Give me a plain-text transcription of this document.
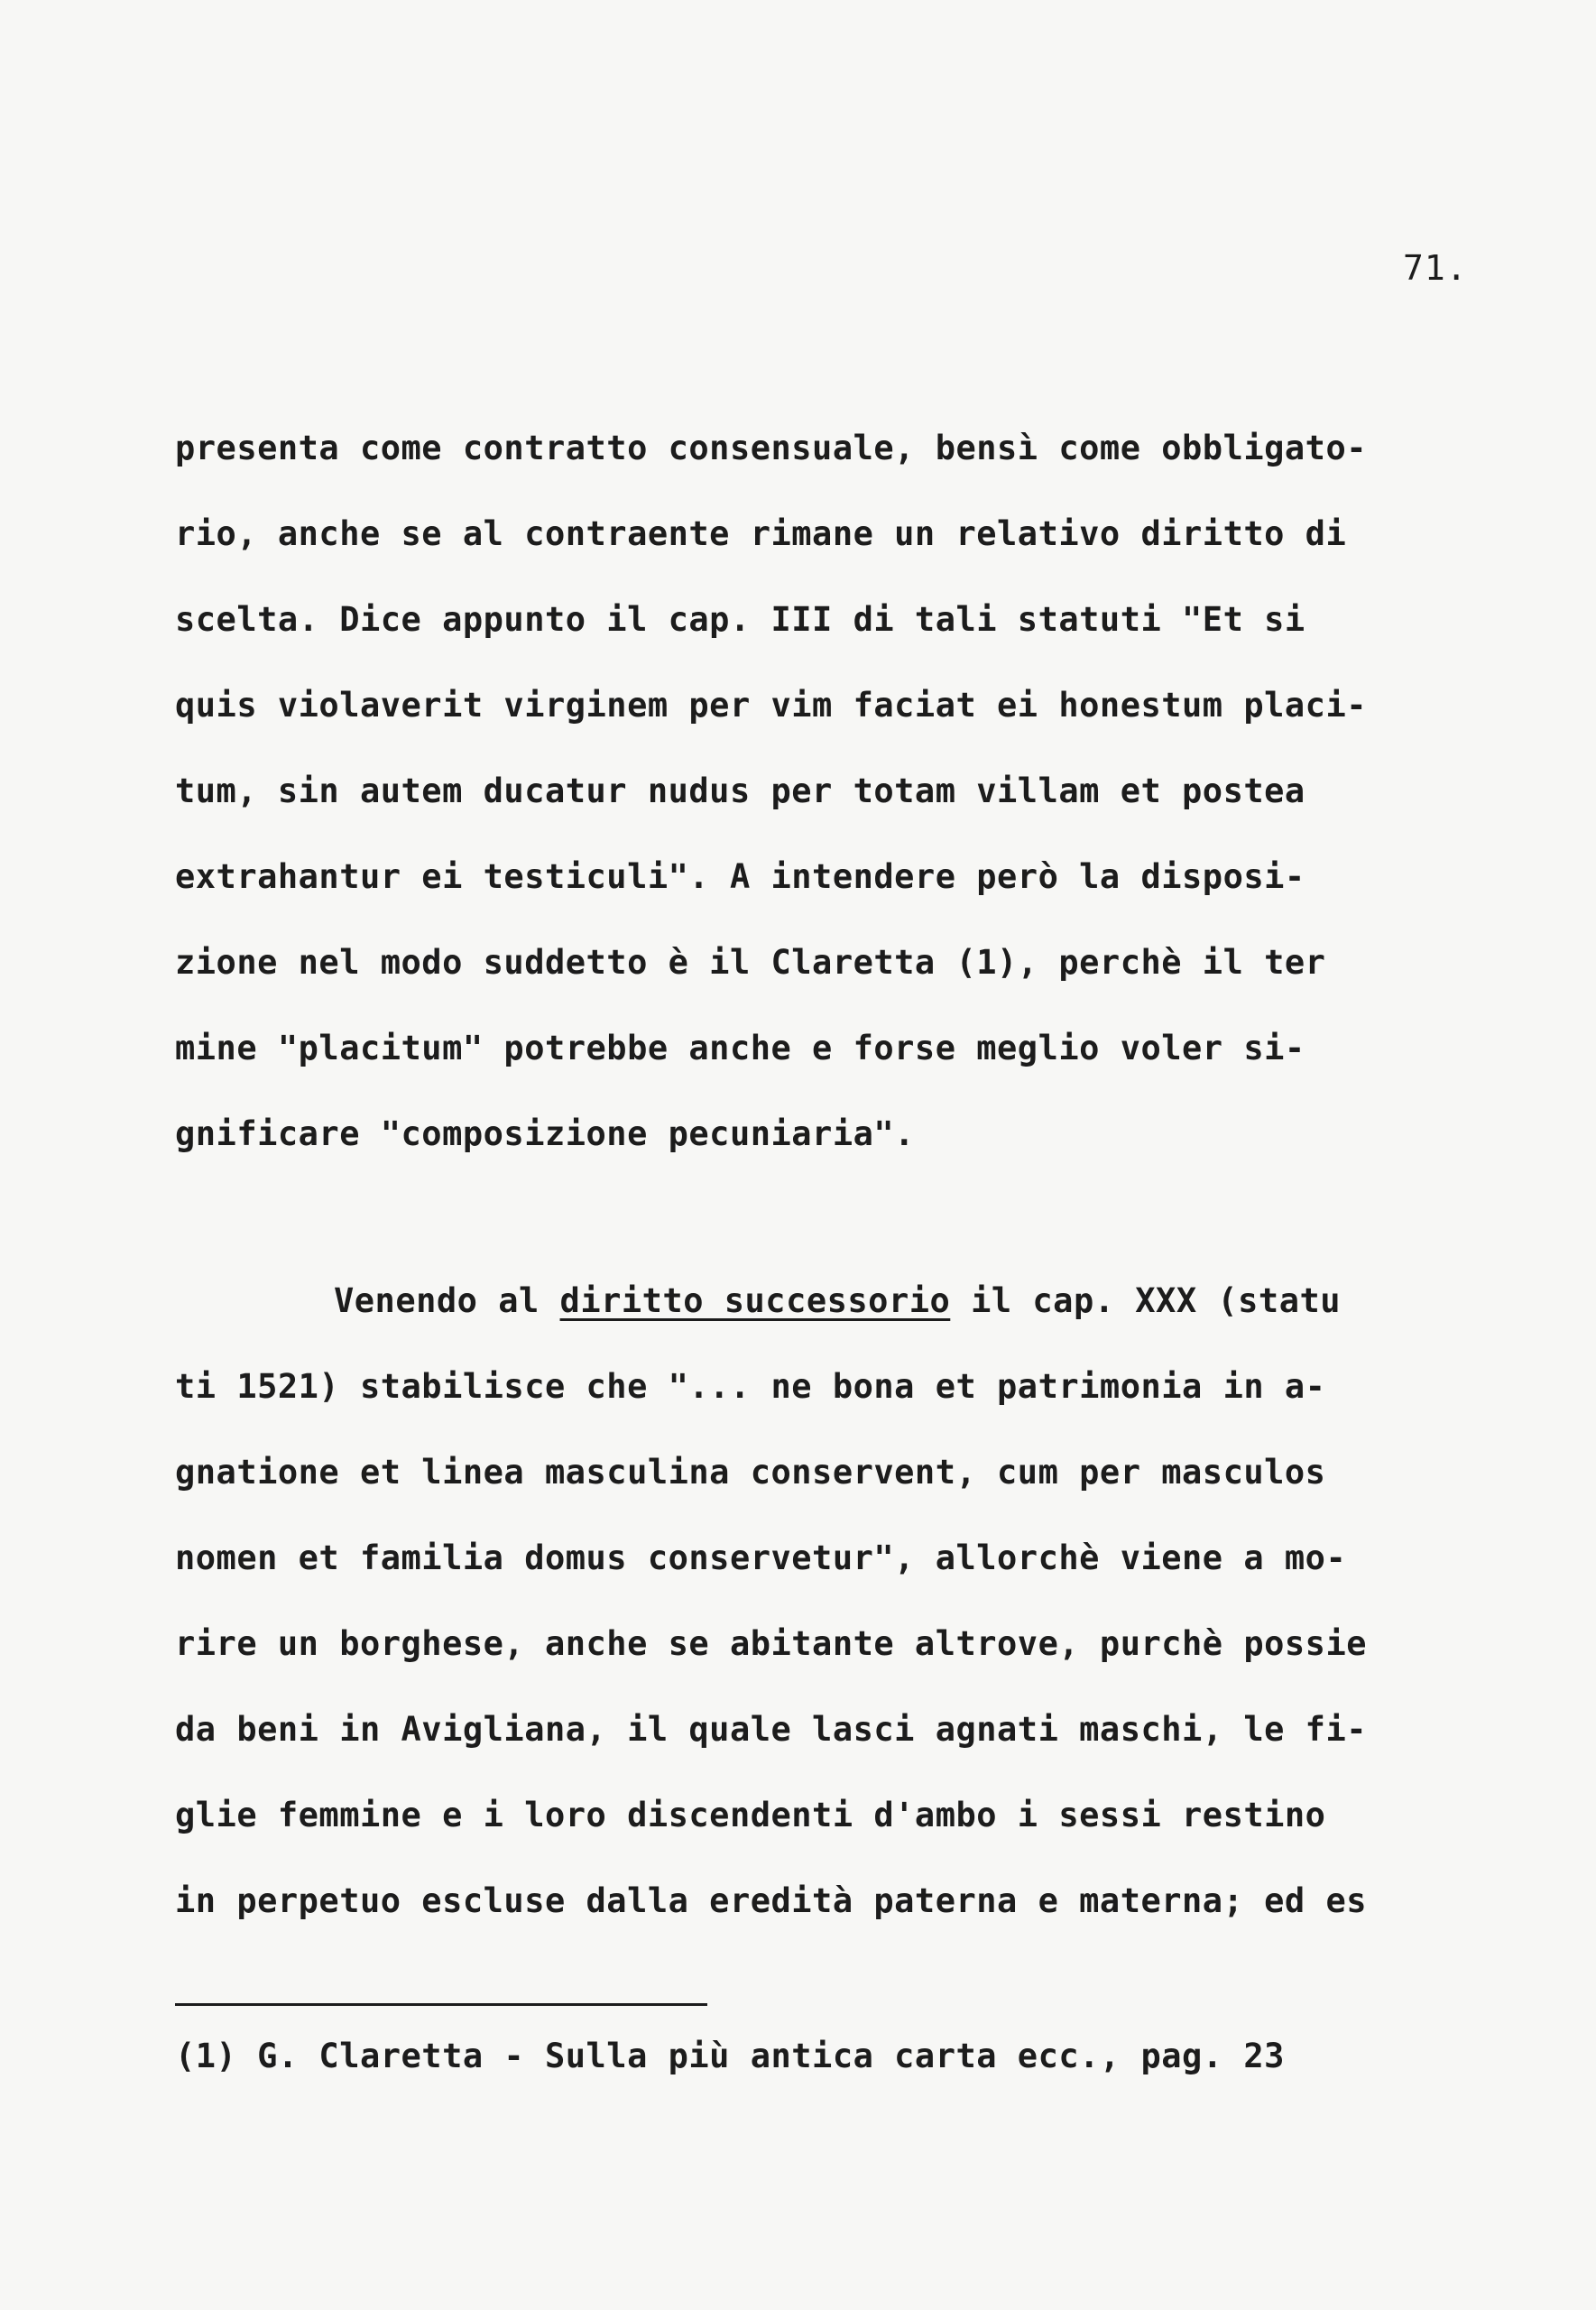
71.
presenta come contratto consensuale, bensì come obbligato-
rio, anche se al contraente rimane un relativo diritto di
scelta. Dice appunto il cap. III di tali statuti "Et si
quis violaverit virginem per vim faciat ei honestum placi-
tum, sin autem ducatur nudus per totam villam et postea
extrahantur ei testiculi". A intendere però la disposi-
zione nel modo suddetto è il Claretta (1), perchè il ter
mine "placitum" potrebbe anche e forse meglio voler si-
gnificare "composizione pecuniaria".
Venendo al diritto successorio il cap. XXX (statu
ti 1521) stabilisce che "... ne bona et patrimonia in a-
gnatione et linea masculina conservent, cum per masculos
nomen et familia domus conservetur", allorchè viene a mo-
rire un borghese, anche se abitante altrove, purchè possie
da beni in Avigliana, il quale lasci agnati maschi, le fi-
glie femmine e i loro discendenti d'ambo i sessi restino
in perpetuo escluse dalla eredità paterna e materna; ed es
(1) G. Claretta - Sulla più antica carta ecc., pag. 23
